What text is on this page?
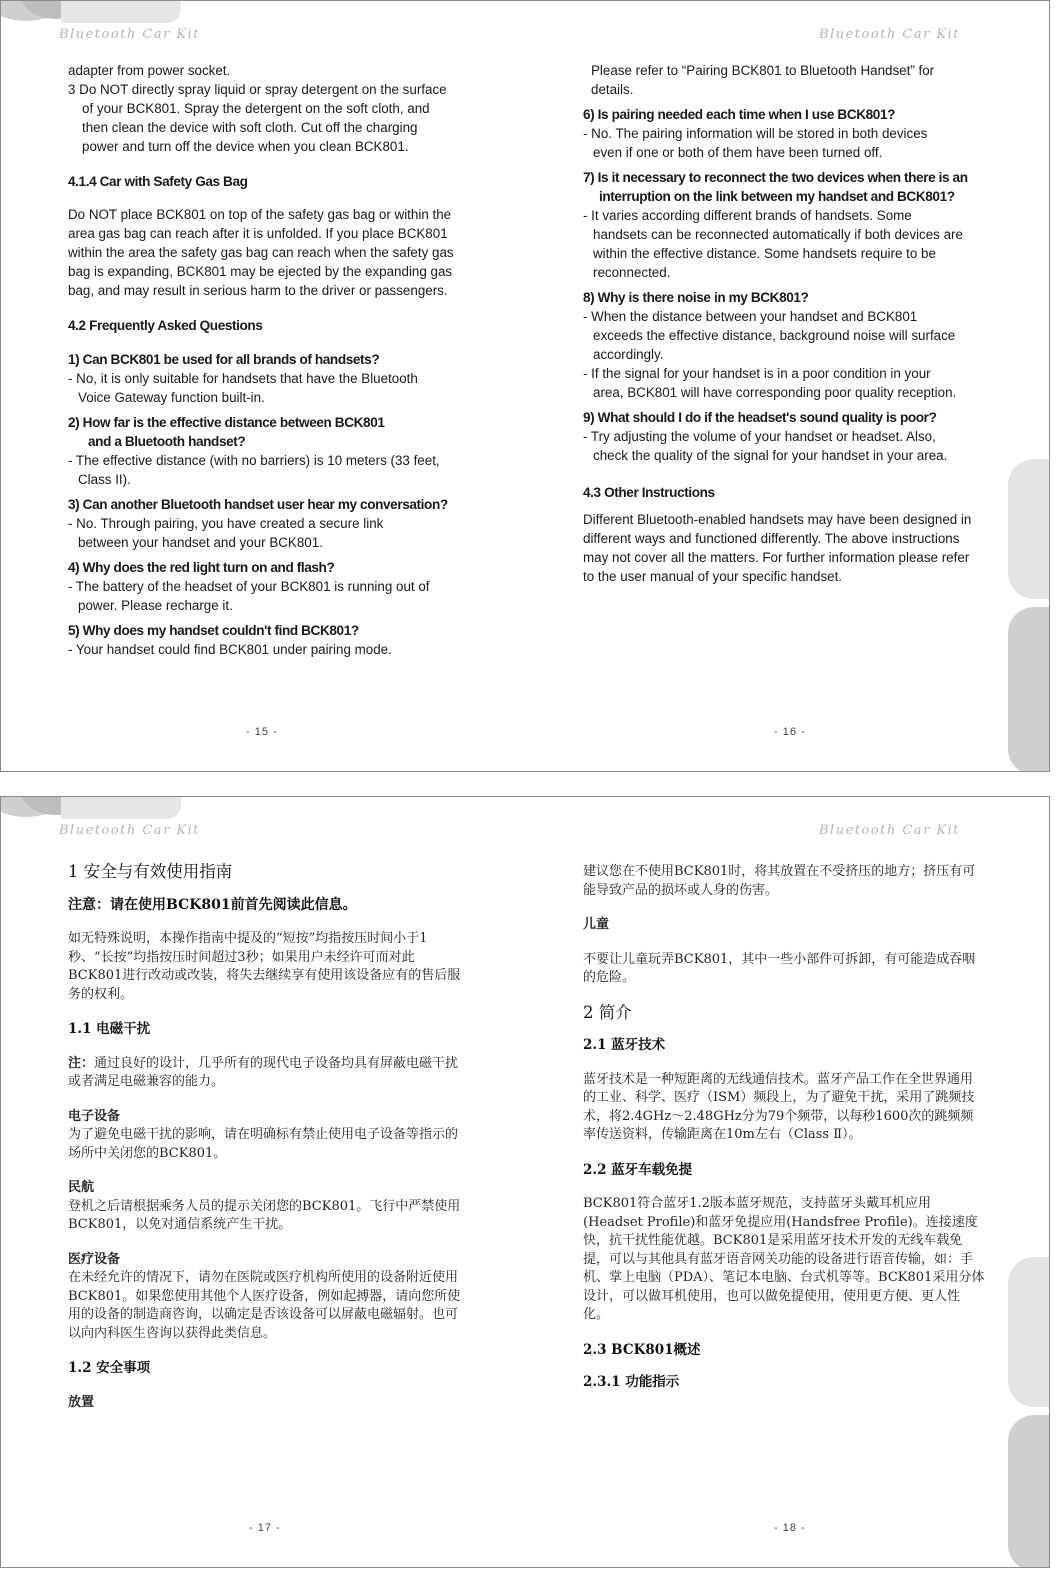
Bluetooth Car Kit	Bluetooth Car Kit

adapter from power socket.

3 Do NOT directly spray liquid or spray detergent on the surface of your BCK801. Spray the detergent on the soft cloth, and then clean the device with soft cloth. Cut off the charging power and turn off the device when you clean BCK801.

4.1.4 Car with Safety Gas Bag

Do NOT place BCK801 on top of the safety gas bag or within the area gas bag can reach after it is unfolded. If you place BCK801 within the area the safety gas bag can reach when the safety gas bag is expanding, BCK801 may be ejected by the expanding gas bag, and may result in serious harm to the driver or passengers.

4.2 Frequently Asked Questions

1) Can BCK801 be used for all brands of handsets?

- No, it is only suitable for handsets that have the Bluetooth Voice Gateway function built-in.

2) How far is the effective distance between BCK801 and a Bluetooth handset?

- The effective distance (with no barriers) is 10 meters (33 feet, Class II).

3) Can another Bluetooth handset user hear my conversation?

- No. Through pairing, you have created a secure link between your handset and your BCK801.

4) Why does the red light turn on and flash?

- The battery of the headset of your BCK801 is running out of power. Please recharge it.

5) Why does my handset couldn't find BCK801?

- Your handset could find BCK801 under pairing mode.

- 15 -

Please refer to “Pairing BCK801 to Bluetooth Handset” for details.

6) Is pairing needed each time when I use BCK801?

- No. The pairing information will be stored in both devices even if one or both of them have been turned off.

7) Is it necessary to reconnect the two devices when there is an interruption on the link between my handset and BCK801?

- It varies according different brands of handsets. Some handsets can be reconnected automatically if both devices are within the effective distance. Some handsets require to be reconnected.

8) Why is there noise in my BCK801?

- When the distance between your handset and BCK801 exceeds the effective distance, background noise will surface accordingly.

- If the signal for your handset is in a poor condition in your area, BCK801 will have corresponding poor quality reception.

9) What should I do if the headset's sound quality is poor?

- Try adjusting the volume of your handset or headset. Also, check the quality of the signal for your handset in your area.

4.3 Other Instructions

Different Bluetooth-enabled handsets may have been designed in different ways and functioned differently. The above instructions may not cover all the matters. For further information please refer to the user manual of your specific handset.

- 16 -
Bluetooth Car Kit	Bluetooth Car Kit

1 安全与有效使用指南

注意：请在使用BCK801前首先阅读此信息。

如无特殊说明，本操作指南中提及的“短按”均指按压时间小于1秒、“长按”均指按压时间超过3秒；如果用户未经许可而对此BCK801进行改动或改装，将失去继续享有使用该设备应有的售后服务的权利。

1.1 电磁干扰

注：通过良好的设计，几乎所有的现代电子设备均具有屏蔽电磁干扰或者满足电磁兼容的能力。

电子设备

为了避免电磁干扰的影响，请在明确标有禁止使用电子设备等指示的场所中关闭您的BCK801。

民航

登机之后请根据乘务人员的提示关闭您的BCK801。飞行中严禁使用BCK801，以免对通信系统产生干扰。

医疗设备

在未经允许的情况下，请勿在医院或医疗机构所使用的设备附近使用BCK801。如果您使用其他个人医疗设备，例如起搏器，请向您所使用的设备的制造商咨询，以确定是否该设备可以屏蔽电磁辐射。也可以向内科医生咨询以获得此类信息。

1.2 安全事项

放置

- 17 -

建议您在不使用BCK801时，将其放置在不受挤压的地方；挤压有可能导致产品的损坏或人身的伤害。

儿童

不要让儿童玩弄BCK801，其中一些小部件可拆卸，有可能造成吞咽的危险。

2 简介

2.1 蓝牙技术

蓝牙技术是一种短距离的无线通信技术。蓝牙产品工作在全世界通用的工业、科学、医疗（ISM）频段上，为了避免干扰，采用了跳频技术，将2.4GHz～2.48GHz分为79个频带，以每秒1600次的跳频频率传送资料，传输距离在10m左右（Class Ⅱ）。

2.2 蓝牙车载免提

BCK801符合蓝牙1.2版本蓝牙规范，支持蓝牙头戴耳机应用(Headset Profile)和蓝牙免提应用(Handsfree Profile)。连接速度快，抗干扰性能优越。BCK801是采用蓝牙技术开发的无线车载免提，可以与其他具有蓝牙语音网关功能的设备进行语音传输，如：手机、掌上电脑（PDA）、笔记本电脑、台式机等等。BCK801采用分体设计，可以做耳机使用，也可以做免提使用，使用更方便、更人性化。

2.3 BCK801概述

2.3.1 功能指示

- 18 -
